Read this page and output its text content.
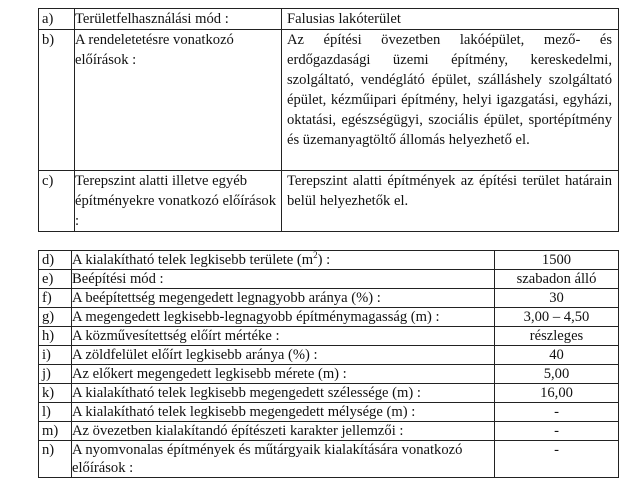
a)	Területfelhasználási mód :	Falusias lakóterület
b)	A rendeletetésre vonatkozó előírások :	Az építési övezetben lakóépület, mező- és erdőgazdasági üzemi építmény, kereskedelmi, szolgáltató, vendéglátó épület, szálláshely szolgáltató épület, kézműipari építmény, helyi igazgatási, egyházi, oktatási, egészségügyi, szociális épület, sportépítmény és üzemanyagtöltő állomás helyezhető el.
c)	Terepszint alatti illetve egyéb építményekre vonatkozó előírások :	Terepszint alatti építmények az építési terület határain belül helyezhetők el.
d)	A kialakítható telek legkisebb területe $(m^2)$ :	1500
e)	Beépítési mód :	szabadon álló
f)	A beépítettség megengedett legnagyobb aránya (%) :	30
g)	A megengedett legkisebb-legnagyobb építménymagasság (m) :	3,00 – 4,50
h)	A közművesítettség előírt mértéke :	részleges
i)	A zöldfelület előírt legkisebb aránya (%) :	40
j)	Az előkert megengedett legkisebb mérete (m) :	5,00
k)	A kialakítható telek legkisebb megengedett szélessége (m) :	16,00
l)	A kialakítható telek legkisebb megengedett mélysége (m) :	-
m)	Az övezetben kialakítandó építészeti karakter jellemzői :	-
n)	A nyomvonalas építmények és műtárgyaik kialakítására vonatkozó előírások :	-
